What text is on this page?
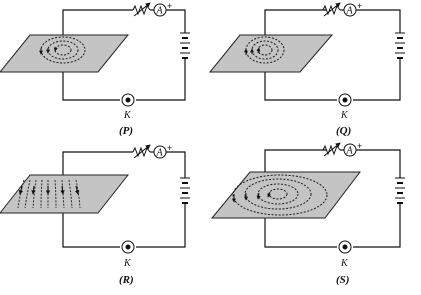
A +
K
(P)
A +
K
(Q)
A +
K
(R)
A +
K
(S)
